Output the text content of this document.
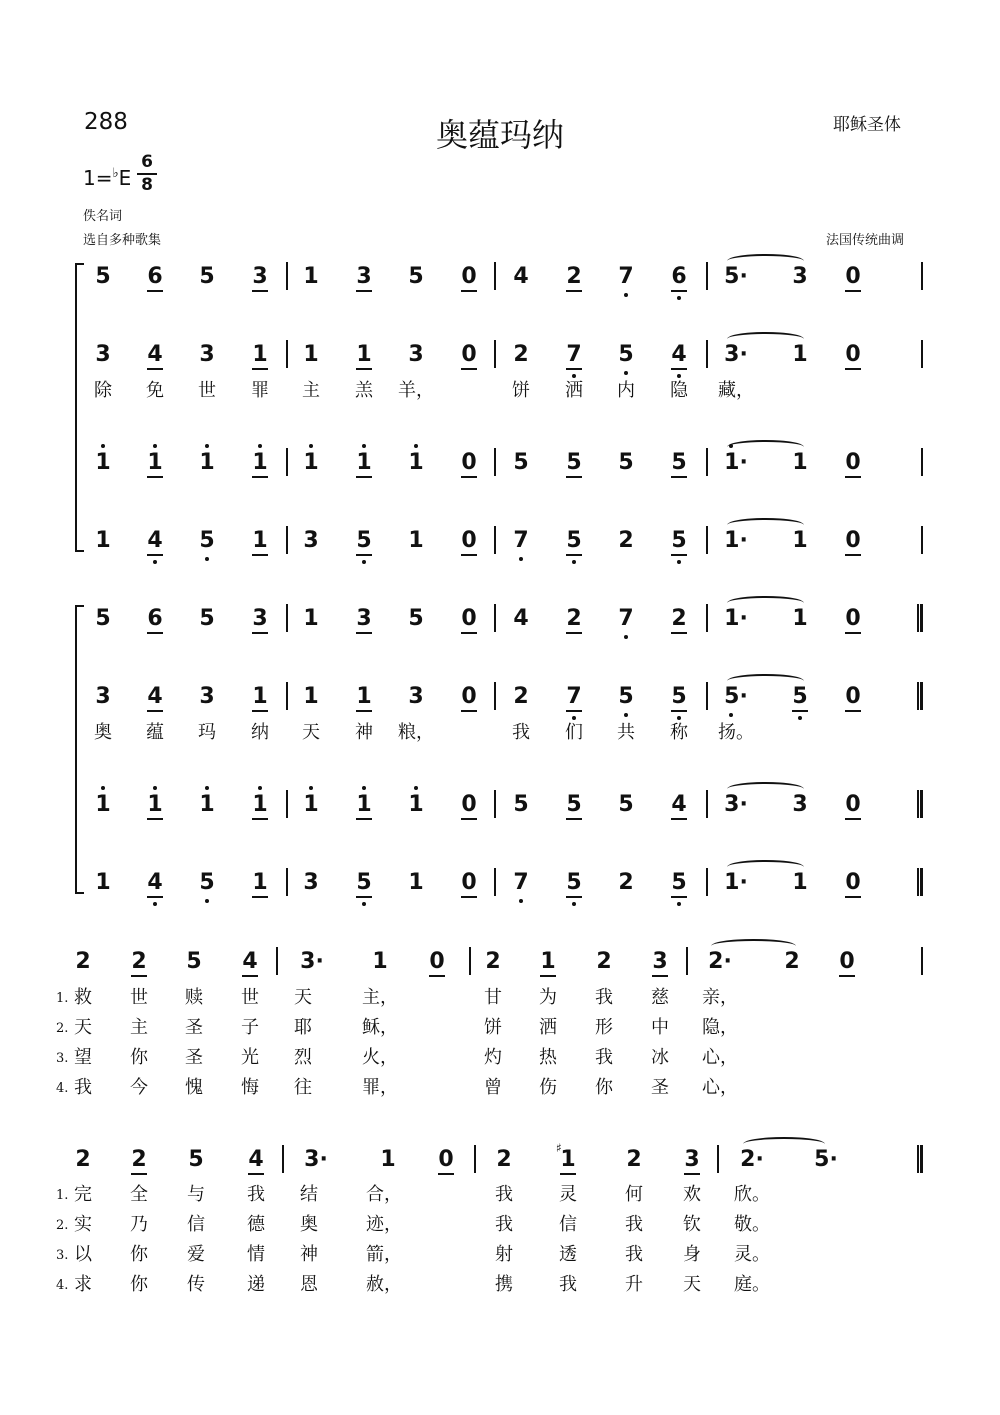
288	奥蕴玛纳	耶稣圣体
1=♭E
6
8
佚名词
选自多种歌集	法国传统曲调
5 6 5 3 1 3 5 0 4 2 7 6 5· 3 0
3 4 3 1 1 1 3 0 2 7 5 4 3· 1 0
除 免 世 罪 主 羔 羊，	饼 洒 内 隐 藏，
1 1 1 1 1 1 1 0 5 5 5 5 1· 1 0
1 4 5 1 3 5 1 0 7 5 2 5 1· 1 0
5 6 5 3 1 3 5 0 4 2 7 2 1· 1 0
3 4 3 1 1 1 3 0 2 7 5 5 5· 5 0
奥 蕴 玛 纳 天 神 粮，	我 们 共 称 扬。
1 1 1 1 1 1 1 0 5 5 5 4 3· 3 0
1 4 5 1 3 5 1 0 7 5 2 5 1· 1 0
2 2 5 4 3· 1 0 2 1 2 3 2· 2 0
1. 救 世 赎 世 天	主，	甘 为 我 慈 亲，
2. 天 主 圣 子 耶	稣，	饼 洒 形 中 隐，
3. 望 你 圣 光 烈	火，	灼 热 我 冰 心，
4. 我 今 愧 悔 往	罪，	曾 伤 你 圣 心，
2 2 5 4 3· 1 0 2 1
♯	2 3 2· 5·
1. 完 全 与 我 结	合，	我	灵	何 欢 欣。
2. 实 乃 信 德 奥	迹，	我	信	我 钦 敬。
3. 以 你 爱 情 神	箭，	射	透	我 身 灵。
4. 求 你 传 递 恩	赦，	携	我	升 天 庭。
